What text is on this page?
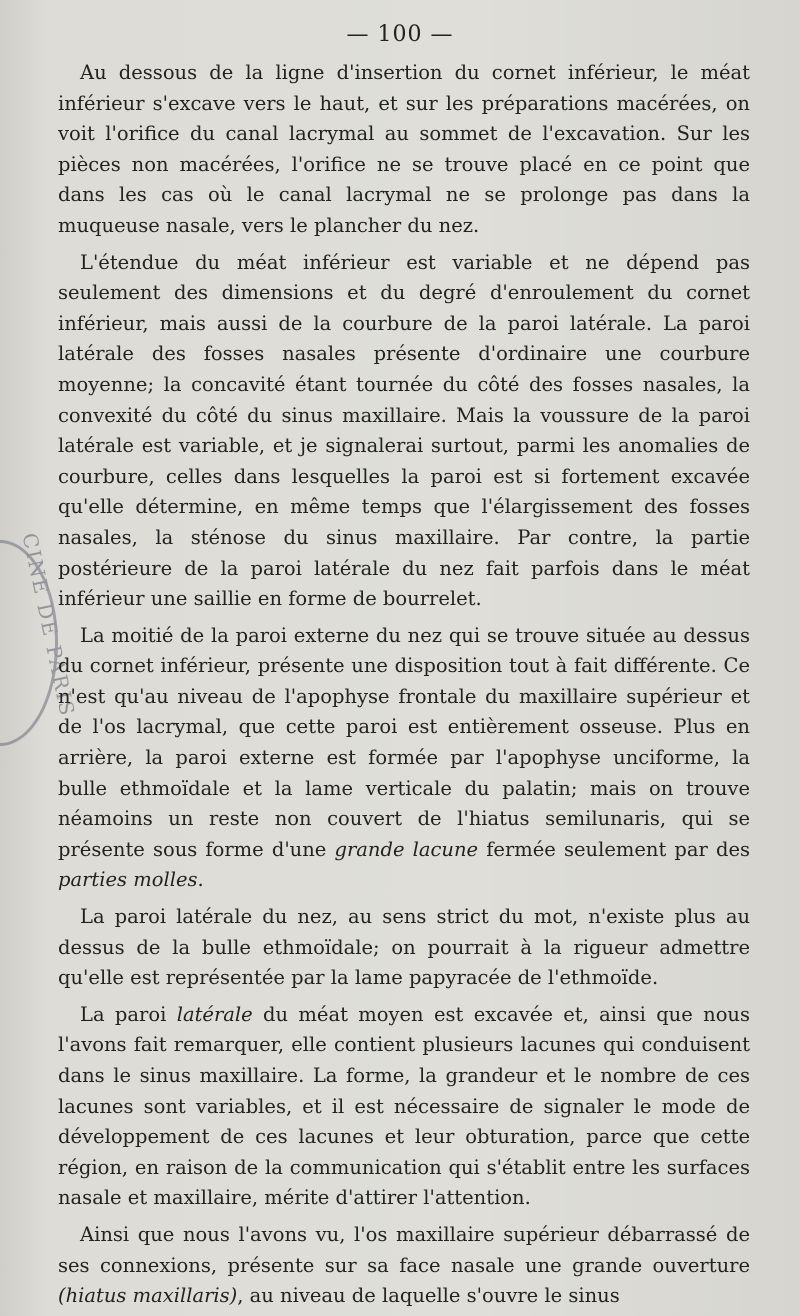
CINE DE PARIS
— 100 —

Au dessous de la ligne d'insertion du cornet inférieur, le méat inférieur s'excave vers le haut, et sur les préparations macérées, on voit l'orifice du canal lacrymal au sommet de l'excavation. Sur les pièces non macérées, l'orifice ne se trouve placé en ce point que dans les cas où le canal lacrymal ne se prolonge pas dans la muqueuse nasale, vers le plancher du nez.

L'étendue du méat inférieur est variable et ne dépend pas seulement des dimensions et du degré d'enroulement du cornet inférieur, mais aussi de la courbure de la paroi latérale. La paroi latérale des fosses nasales présente d'ordinaire une courbure moyenne; la concavité étant tournée du côté des fosses nasales, la convexité du côté du sinus maxillaire. Mais la voussure de la paroi latérale est variable, et je signalerai surtout, parmi les anomalies de courbure, celles dans lesquelles la paroi est si fortement excavée qu'elle détermine, en même temps que l'élargissement des fosses nasales, la sténose du sinus maxillaire. Par contre, la partie postérieure de la paroi latérale du nez fait parfois dans le méat inférieur une saillie en forme de bourrelet.

La moitié de la paroi externe du nez qui se trouve située au dessus du cornet inférieur, présente une disposition tout à fait différente. Ce n'est qu'au niveau de l'apophyse frontale du maxillaire supérieur et de l'os lacrymal, que cette paroi est entièrement osseuse. Plus en arrière, la paroi externe est formée par l'apophyse unciforme, la bulle ethmoïdale et la lame verticale du palatin; mais on trouve néamoins un reste non couvert de l'hiatus semilunaris, qui se présente sous forme d'une grande lacune fermée seulement par des parties molles.

La paroi latérale du nez, au sens strict du mot, n'existe plus au dessus de la bulle ethmoïdale; on pourrait à la rigueur admettre qu'elle est représentée par la lame papyracée de l'ethmoïde.

La paroi latérale du méat moyen est excavée et, ainsi que nous l'avons fait remarquer, elle contient plusieurs lacunes qui conduisent dans le sinus maxillaire. La forme, la grandeur et le nombre de ces lacunes sont variables, et il est nécessaire de signaler le mode de développement de ces lacunes et leur obturation, parce que cette région, en raison de la communication qui s'établit entre les surfaces nasale et maxillaire, mérite d'attirer l'attention.

Ainsi que nous l'avons vu, l'os maxillaire supérieur débarrassé de ses connexions, présente sur sa face nasale une grande ouverture (hiatus maxillaris), au niveau de laquelle s'ouvre le sinus
